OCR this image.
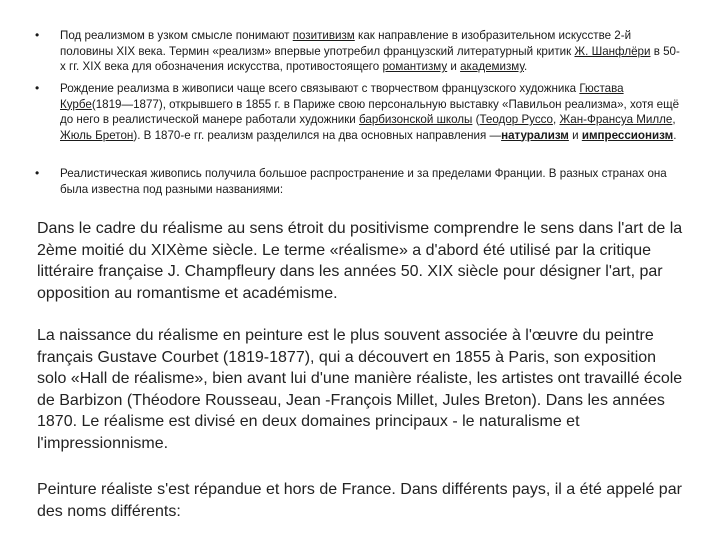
• Под реализмом в узком смысле понимают позитивизм как направление в изобразительном искусстве 2-й половины XIX века. Термин «реализм» впервые употребил французский литературный критик Ж. Шанфлёри в 50-х гг. XIX века для обозначения искусства, противостоящего романтизму и академизму.
• Рождение реализма в живописи чаще всего связывают с творчеством французского художника Гюстава Курбе(1819—1877), открывшего в 1855 г. в Париже свою персональную выставку «Павильон реализма», хотя ещё до него в реалистической манере работали художники барбизонской школы (Теодор Руссо, Жан-Франсуа Милле, Жюль Бретон). В 1870-е гг. реализм разделился на два основных направления —натурализм и импрессионизм.
• Реалистическая живопись получила большое распространение и за пределами Франции. В разных странах она была известна под разными названиями:
Dans le cadre du réalisme au sens étroit du positivisme comprendre le sens dans l'art de la 2ème moitié du XIXème siècle. Le terme «réalisme» a d'abord été utilisé par la critique littéraire française J. Champfleury dans les années 50. XIX siècle pour désigner l'art, par opposition au romantisme et académisme.
La naissance du réalisme en peinture est le plus souvent associée à l'œuvre du peintre français Gustave Courbet (1819-1877), qui a découvert en 1855 à Paris, son exposition solo «Hall de réalisme», bien avant lui d'une manière réaliste, les artistes ont travaillé école de Barbizon (Théodore Rousseau, Jean -François Millet, Jules Breton). Dans les années 1870. Le réalisme est divisé en deux domaines principaux - le naturalisme et l'impressionnisme.
Peinture réaliste s'est répandue et hors de France. Dans différents pays, il a été appelé par des noms différents:
